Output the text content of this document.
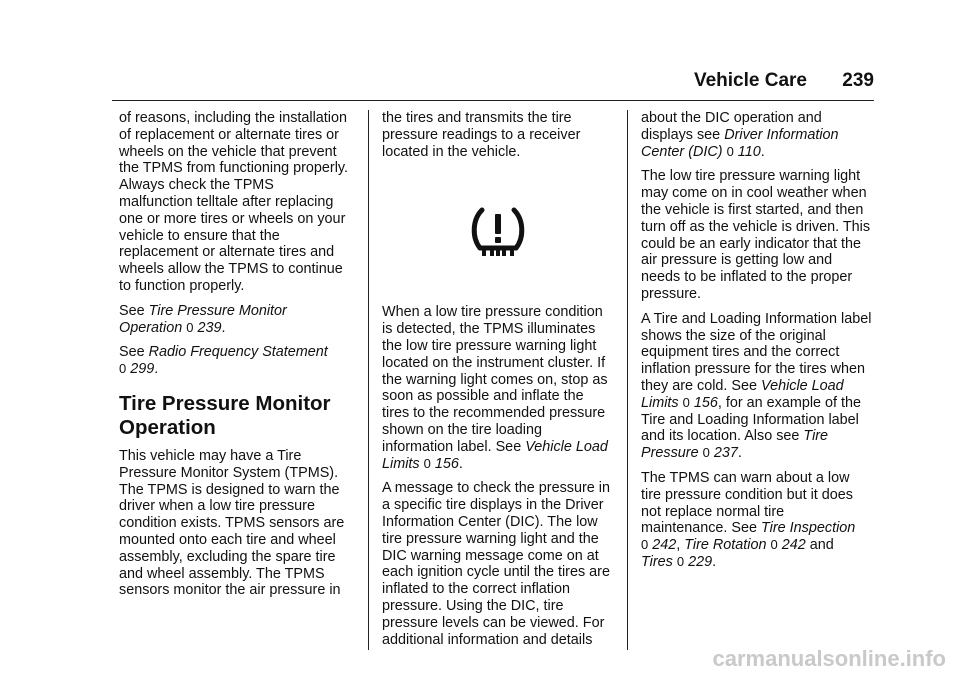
Vehicle Care 239

of reasons, including the installation of replacement or alternate tires or wheels on the vehicle that prevent the TPMS from functioning properly. Always check the TPMS malfunction telltale after replacing one or more tires or wheels on your vehicle to ensure that the replacement or alternate tires and wheels allow the TPMS to continue to function properly.

See Tire Pressure Monitor Operation 0 239.

See Radio Frequency Statement
0 299.

Tire Pressure Monitor Operation

This vehicle may have a Tire Pressure Monitor System (TPMS). The TPMS is designed to warn the driver when a low tire pressure condition exists. TPMS sensors are mounted onto each tire and wheel assembly, excluding the spare tire and wheel assembly. The TPMS sensors monitor the air pressure in

the tires and transmits the tire pressure readings to a receiver located in the vehicle.

When a low tire pressure condition is detected, the TPMS illuminates the low tire pressure warning light located on the instrument cluster. If the warning light comes on, stop as soon as possible and inflate the tires to the recommended pressure shown on the tire loading information label. See Vehicle Load Limits 0 156.

A message to check the pressure in a specific tire displays in the Driver Information Center (DIC). The low tire pressure warning light and the DIC warning message come on at each ignition cycle until the tires are inflated to the correct inflation pressure. Using the DIC, tire pressure levels can be viewed. For additional information and details

about the DIC operation and displays see Driver Information Center (DIC) 0 110.

The low tire pressure warning light may come on in cool weather when the vehicle is first started, and then turn off as the vehicle is driven. This could be an early indicator that the air pressure is getting low and needs to be inflated to the proper pressure.

A Tire and Loading Information label shows the size of the original equipment tires and the correct inflation pressure for the tires when they are cold. See Vehicle Load Limits 0 156, for an example of the Tire and Loading Information label and its location. Also see Tire Pressure 0 237.

The TPMS can warn about a low tire pressure condition but it does not replace normal tire maintenance. See Tire Inspection
0 242, Tire Rotation 0 242 and
Tires 0 229.

carmanualsonline.info
